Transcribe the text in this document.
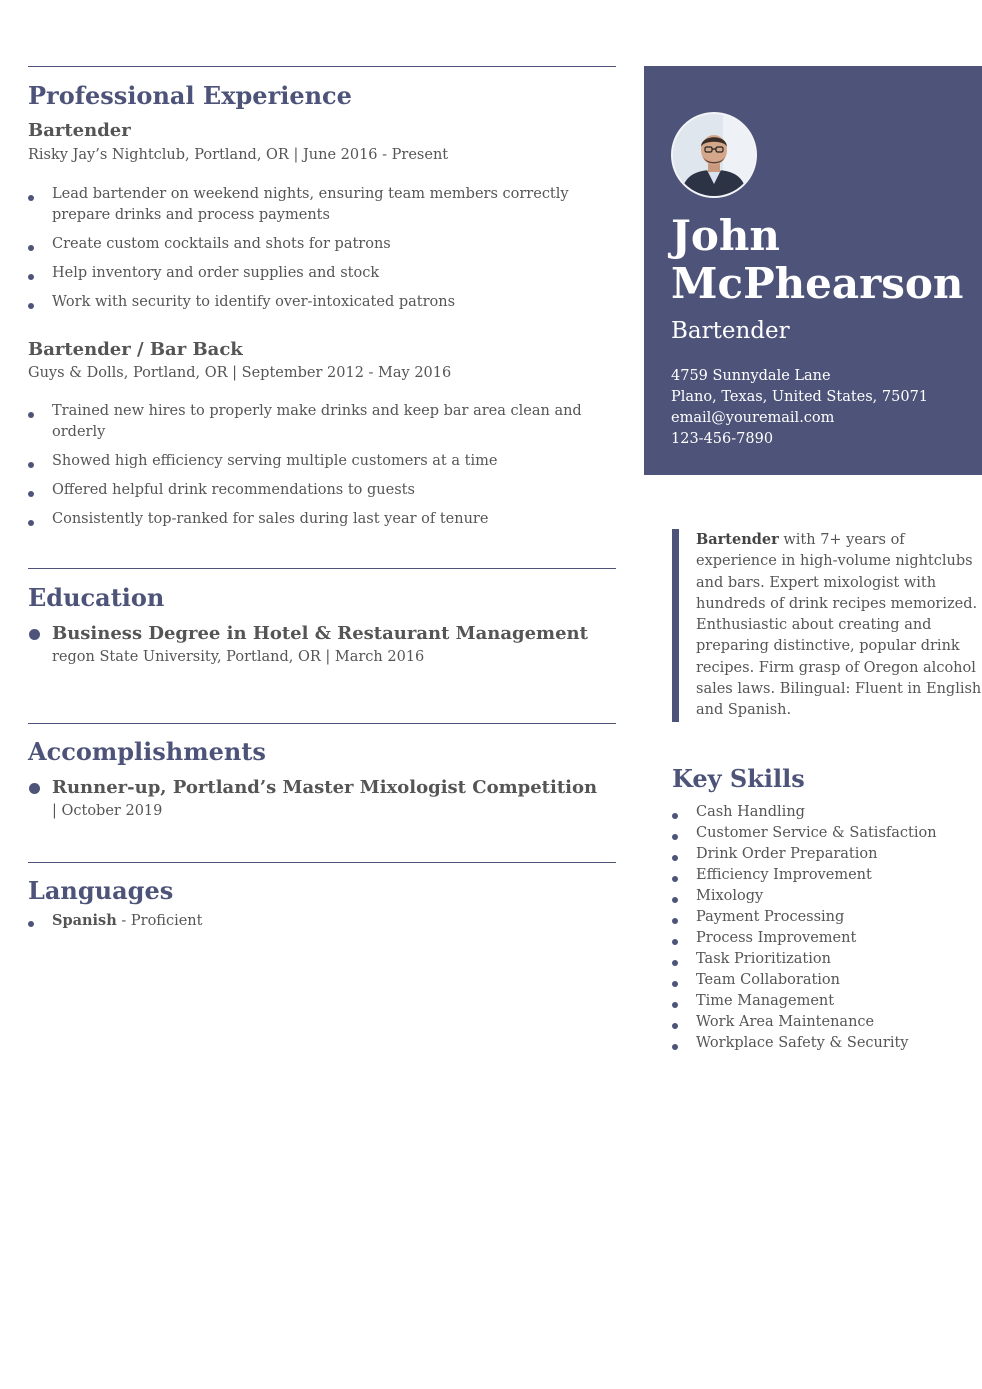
Professional Experience

Bartender

Risky Jay’s Nightclub, Portland, OR | June 2016 - Present

Lead bartender on weekend nights, ensuring team members correctly prepare drinks and process payments
Create custom cocktails and shots for patrons
Help inventory and order supplies and stock
Work with security to identify over-intoxicated patrons

Bartender / Bar Back

Guys & Dolls, Portland, OR | September 2012 - May 2016

Trained new hires to properly make drinks and keep bar area clean and orderly
Showed high efficiency serving multiple customers at a time
Offered helpful drink recommendations to guests
Consistently top-ranked for sales during last year of tenure
Education

Business Degree in Hotel & Restaurant Management

regon State University, Portland, OR | March 2016

Accomplishments

Runner-up, Portland’s Master Mixologist Competition

| October 2019

Languages
Spanish - Proficient
John
McPhearson

Bartender

4759 Sunnydale Lane
Plano, Texas, United States, 75071
email@youremail.com
123-456-7890
Bartender with 7+ years of experience in high-volume nightclubs and bars. Expert mixologist with hundreds of drink recipes memorized. Enthusiastic about creating and preparing distinctive, popular drink recipes. Firm grasp of Oregon alcohol sales laws. Bilingual: Fluent in English and Spanish.
Key Skills
Cash Handling
Customer Service & Satisfaction
Drink Order Preparation
Efficiency Improvement
Mixology
Payment Processing
Process Improvement
Task Prioritization
Team Collaboration
Time Management
Work Area Maintenance
Workplace Safety & Security
